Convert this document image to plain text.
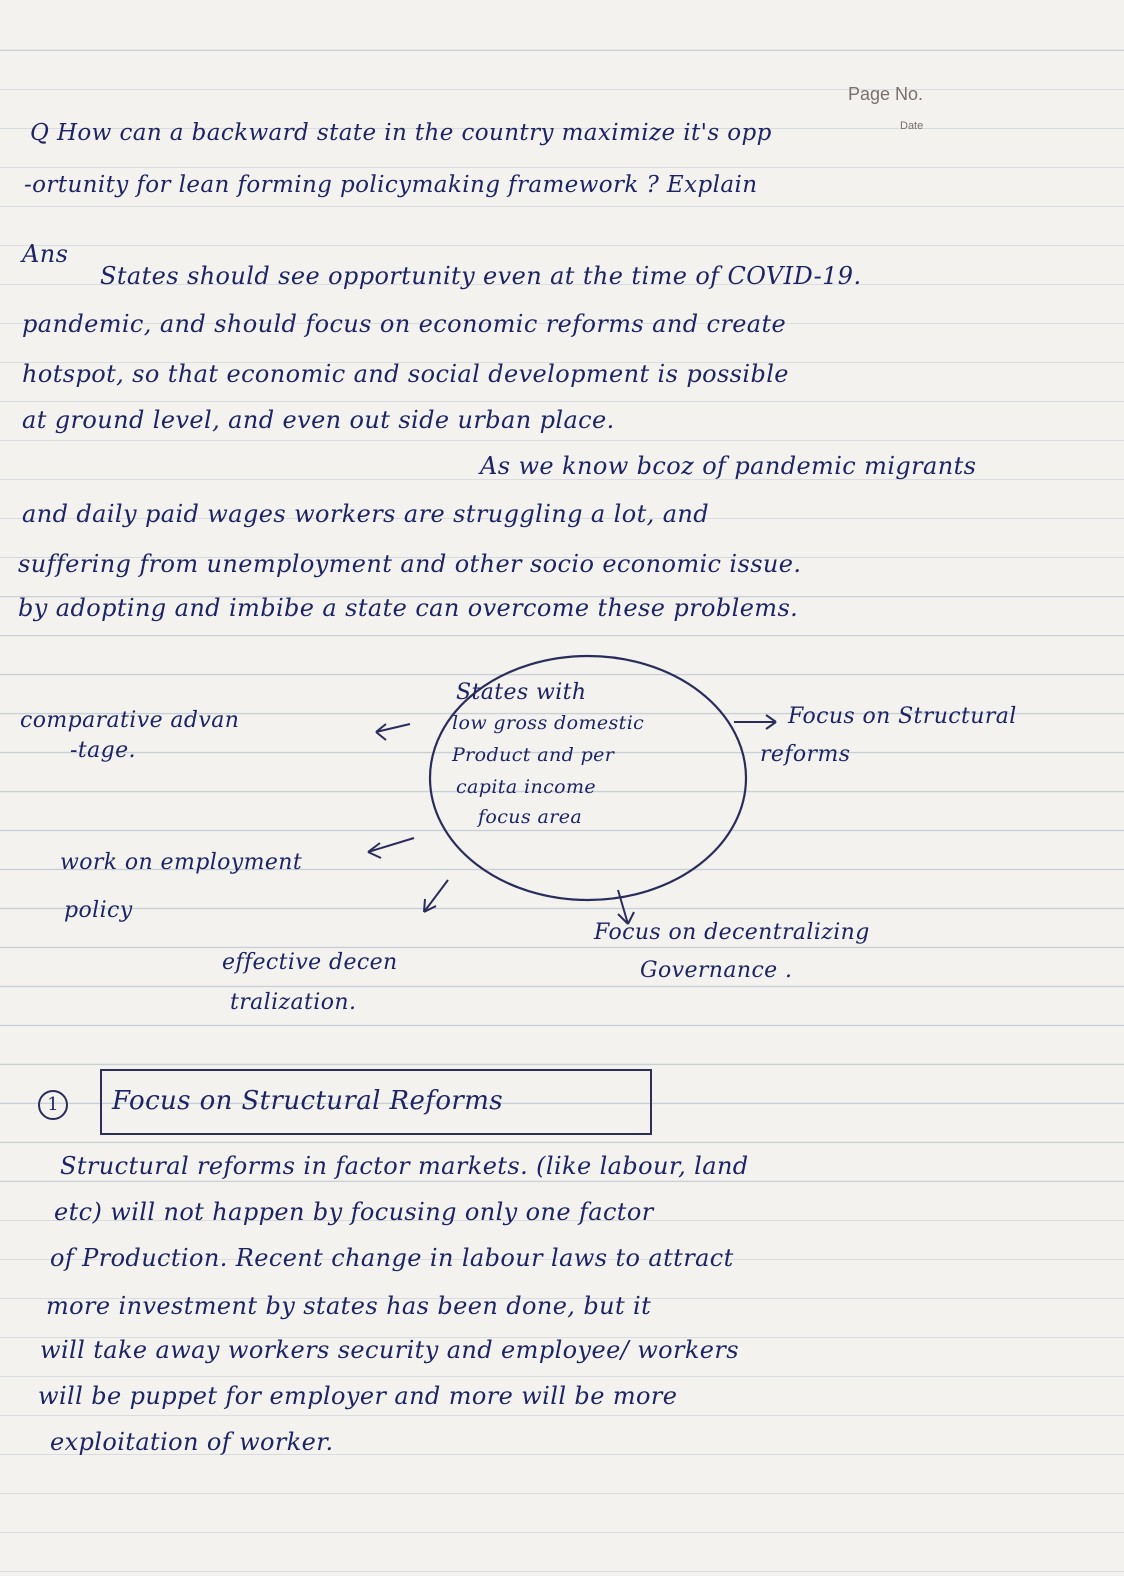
Page No.
Date
Q How can a backward state in the country maximize it's opp
-ortunity for lean forming policymaking framework ? Explain
Ans
States should see opportunity even at the time of COVID-19.
pandemic, and should focus on economic reforms and create
hotspot, so that economic and social development is possible
at ground level, and even out side urban place.
As we know bcoz of pandemic migrants
and daily paid wages workers are struggling a lot, and
suffering from unemployment and other socio economic issue.
by adopting and imbibe a state can overcome these problems.
States with
low gross domestic
Product and per
capita income
focus area
comparative advan
-tage.
Focus on Structural
reforms
work on employment
policy
effective decen
tralization.
Focus on decentralizing
Governance .
1	Focus on Structural Reforms
Structural reforms in factor markets. (like labour, land
etc) will not happen by focusing only one factor
of Production. Recent change in labour laws to attract
more investment by states has been done, but it
will take away workers security and employee/ workers
will be puppet for employer and more will be more
exploitation of worker.
